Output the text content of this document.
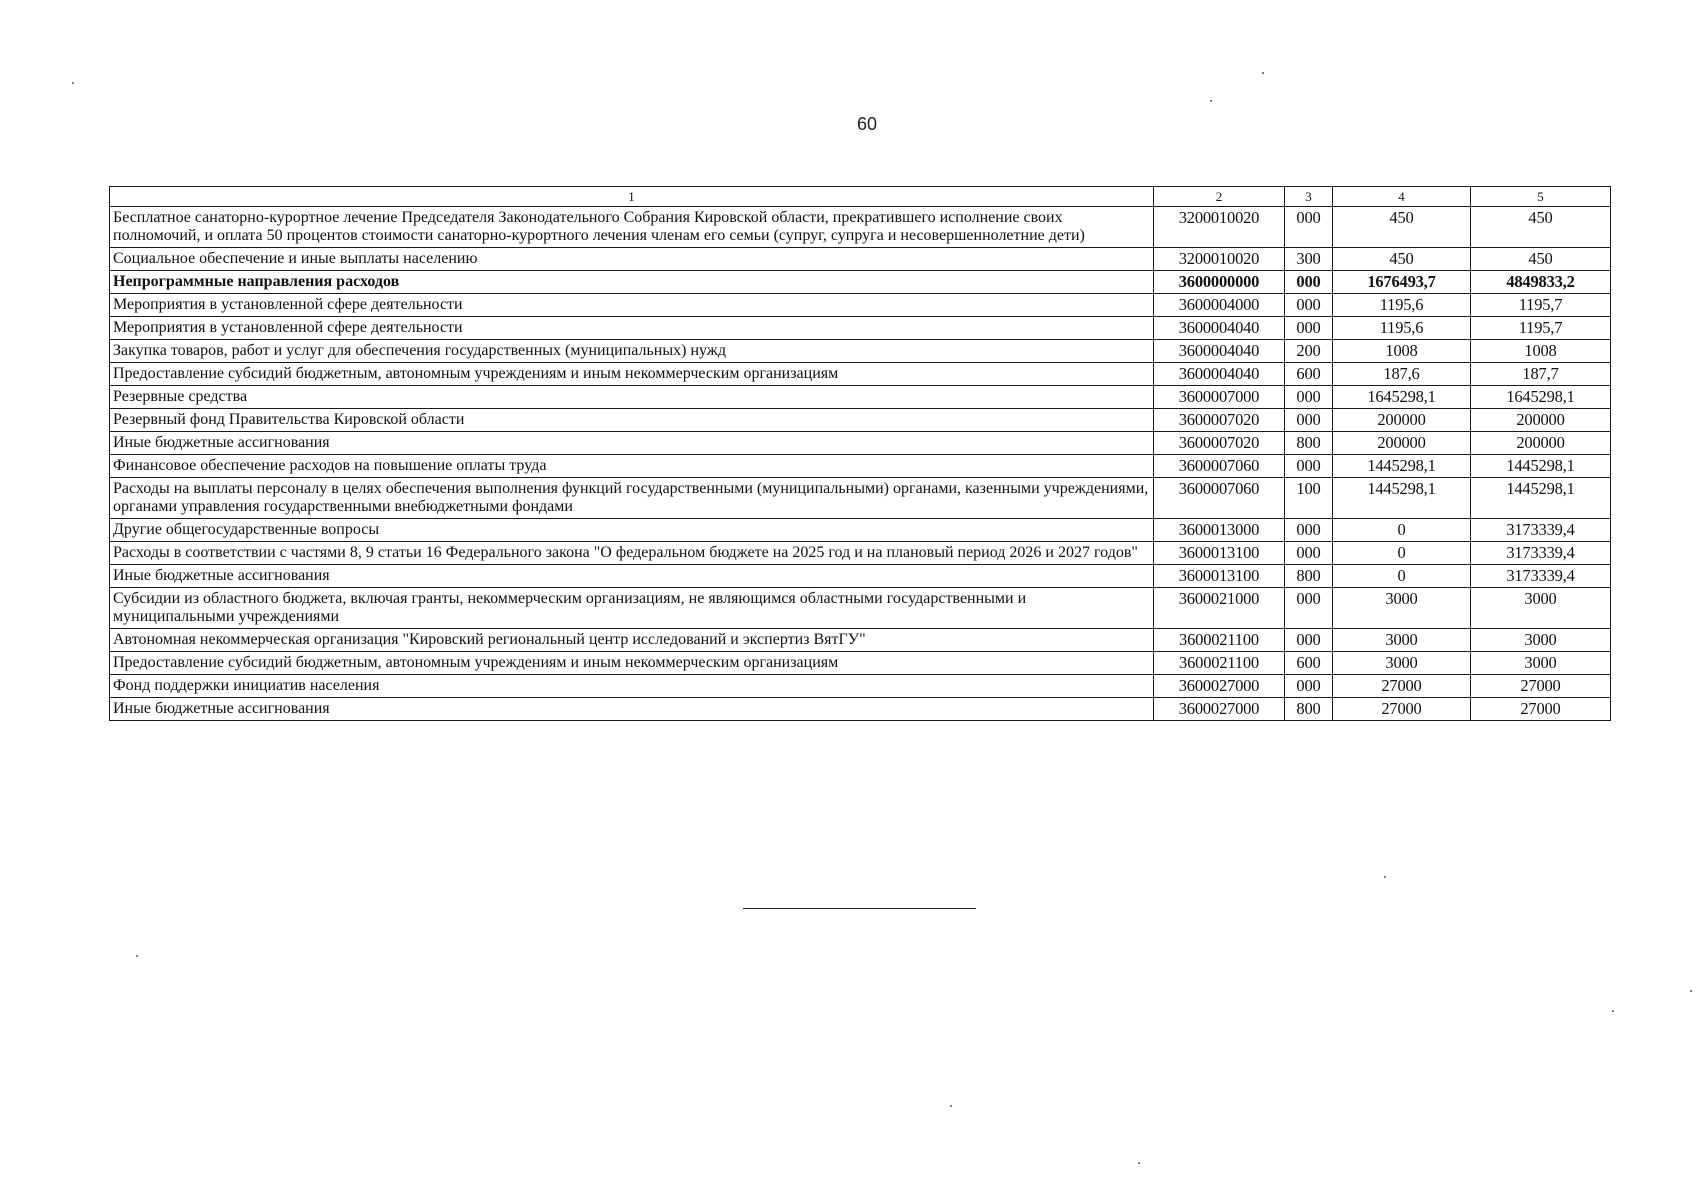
60
1	2	3	4	5
Бесплатное санаторно-курортное лечение Председателя Законодательного Собрания Кировской области, прекратившего исполнение своих полномочий, и оплата 50 процентов стоимости санаторно-курортного лечения членам его семьи (супруг, супруга и несовершеннолетние дети)	3200010020	000	450	450
Социальное обеспечение и иные выплаты населению	3200010020	300	450	450
Непрограммные направления расходов	3600000000	000	1676493,7	4849833,2
Мероприятия в установленной сфере деятельности	3600004000	000	1195,6	1195,7
Мероприятия в установленной сфере деятельности	3600004040	000	1195,6	1195,7
Закупка товаров, работ и услуг для обеспечения государственных (муниципальных) нужд	3600004040	200	1008	1008
Предоставление субсидий бюджетным, автономным учреждениям и иным некоммерческим организациям	3600004040	600	187,6	187,7
Резервные средства	3600007000	000	1645298,1	1645298,1
Резервный фонд Правительства Кировской области	3600007020	000	200000	200000
Иные бюджетные ассигнования	3600007020	800	200000	200000
Финансовое обеспечение расходов на повышение оплаты труда	3600007060	000	1445298,1	1445298,1
Расходы на выплаты персоналу в целях обеспечения выполнения функций государственными (муниципальными) органами, казенными учреждениями, органами управления государственными внебюджетными фондами	3600007060	100	1445298,1	1445298,1
Другие общегосударственные вопросы	3600013000	000	0	3173339,4
Расходы в соответствии с частями 8, 9 статьи 16 Федерального закона "О федеральном бюджете на 2025 год и на плановый период 2026 и 2027 годов"	3600013100	000	0	3173339,4
Иные бюджетные ассигнования	3600013100	800	0	3173339,4
Субсидии из областного бюджета, включая гранты, некоммерческим организациям, не являющимся областными государственными и муниципальными учреждениями	3600021000	000	3000	3000
Автономная некоммерческая организация "Кировский региональный центр исследований и экспертиз ВятГУ"	3600021100	000	3000	3000
Предоставление субсидий бюджетным, автономным учреждениям и иным некоммерческим организациям	3600021100	600	3000	3000
Фонд поддержки инициатив населения	3600027000	000	27000	27000
Иные бюджетные ассигнования	3600027000	800	27000	27000
